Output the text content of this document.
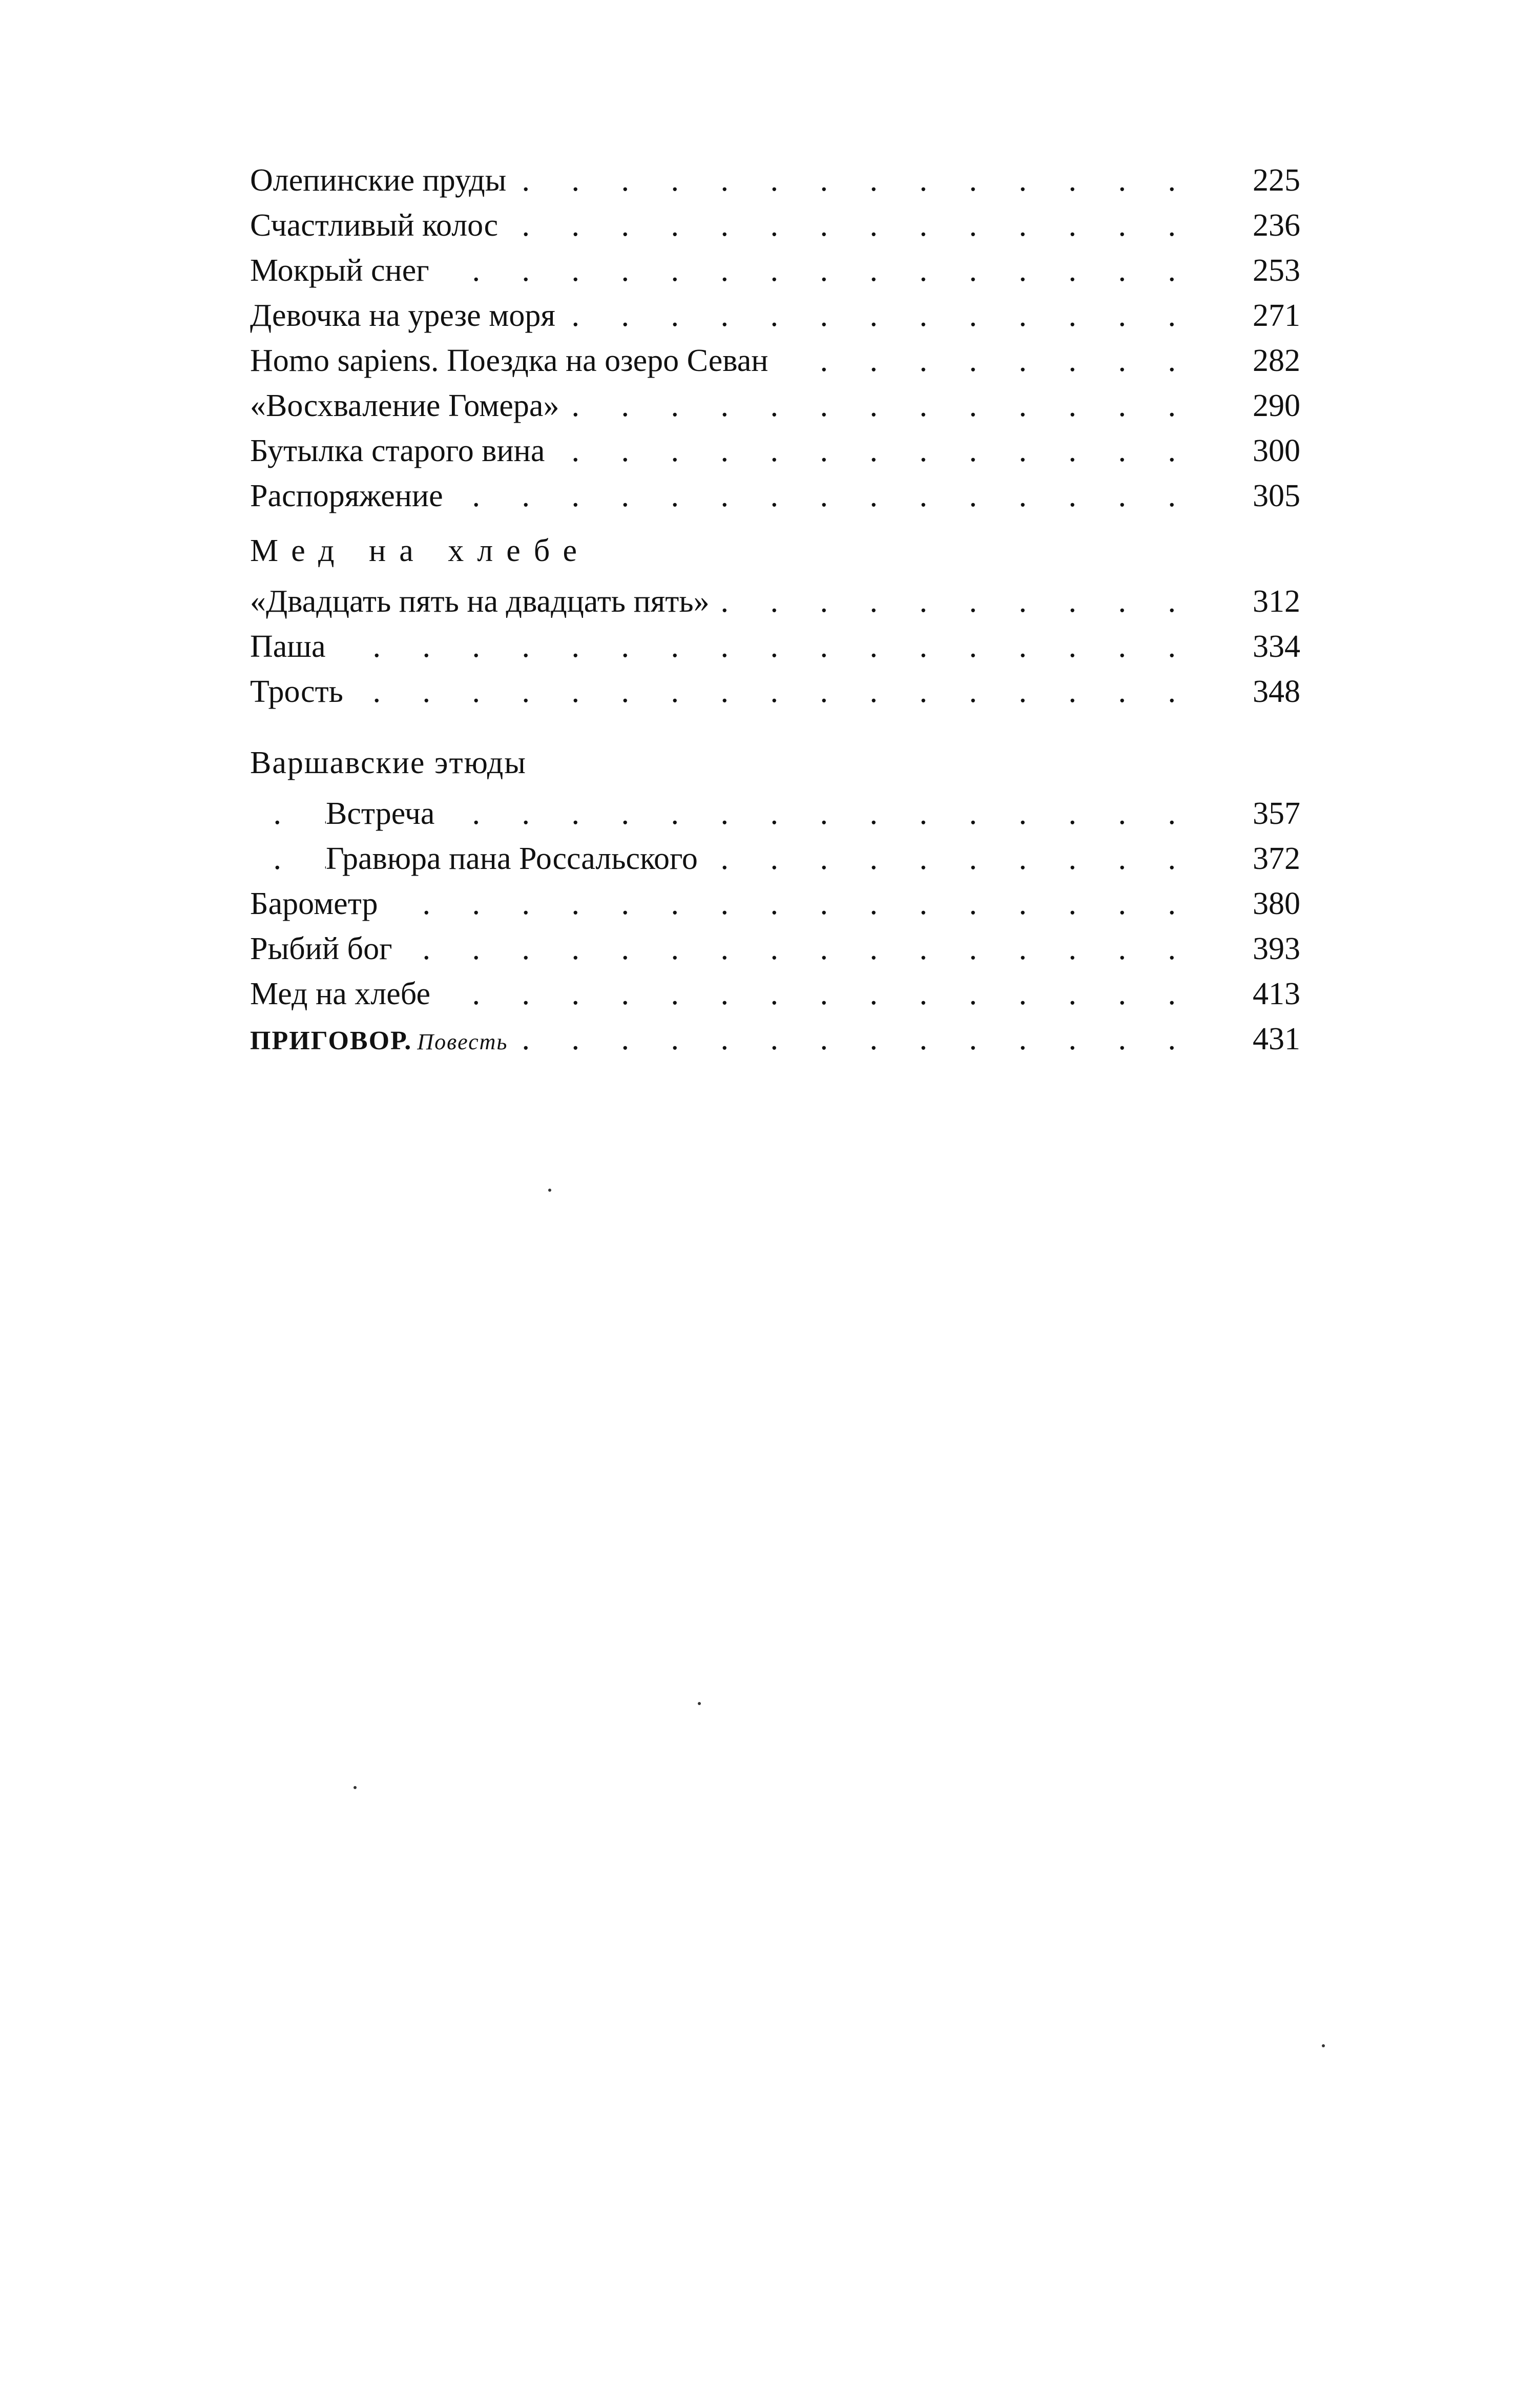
. . .
Олепинские пруды	225
. . .
Счастливый колос	236
. . .
Мокрый снег	253
. . .
Девочка на урезе моря	271
. . .
Homo sapiens. Поездка на озеро Севан	282
. . .
«Восхваление Гомера»	290
. . .
Бутылка старого вина	300
. . .
Распоряжение	305
Мед на хлебе
. . .
«Двадцать пять на двадцать пять»	312
. . .
Паша	334
. . .
Трость	348
Варшавские этюды
. . .
Встреча	357
. . .
Гравюра пана Россальского	372
. . .
Барометр	380
. . .
Рыбий бог	393
. . .
Мед на хлебе	413
. . .
ПРИГОВОР. Повесть	431
